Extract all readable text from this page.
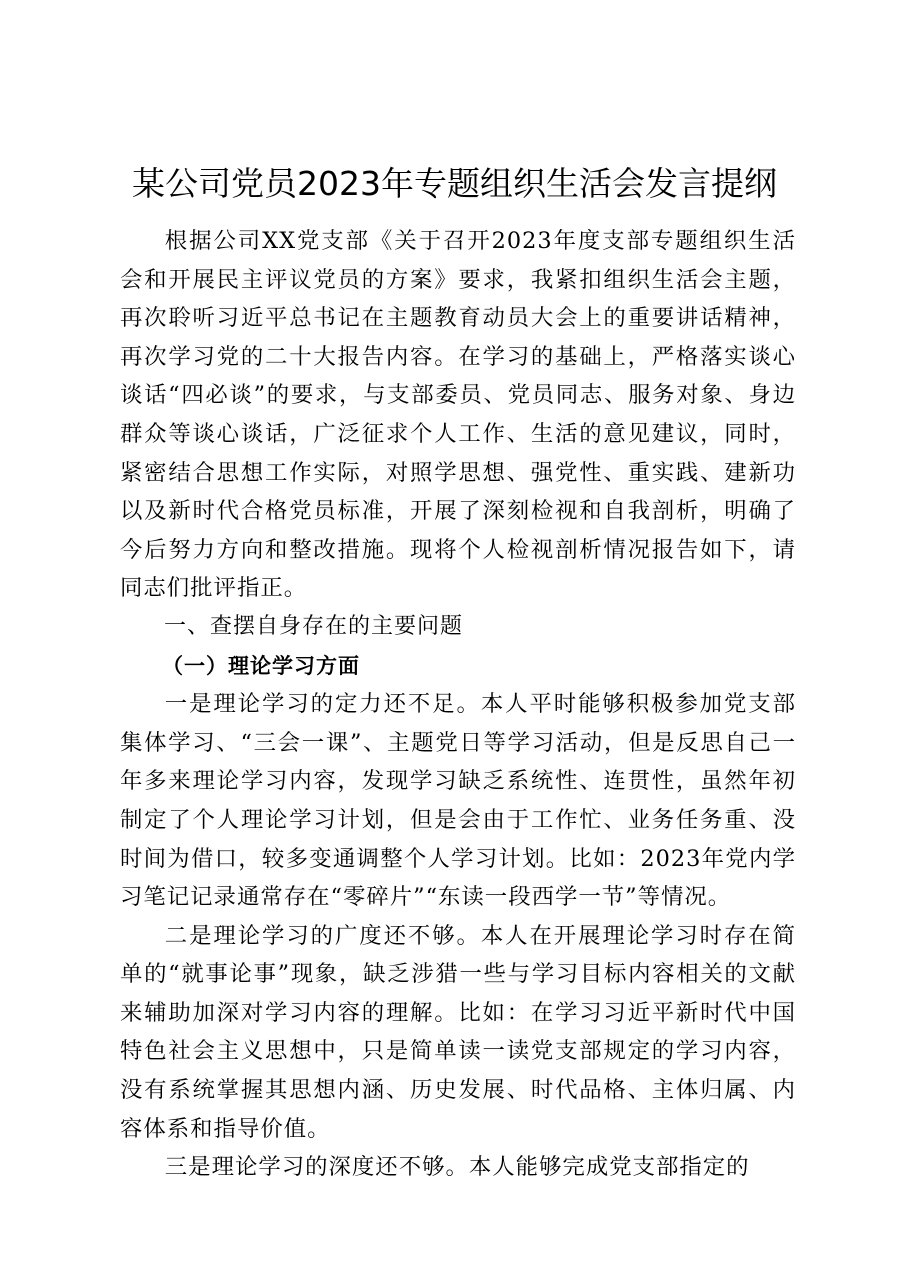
某公司党员2023年专题组织生活会发言提纲

根据公司XX党支部《关于召开2023年度支部专题组织生活会和开展民主评议党员的方案》要求，我紧扣组织生活会主题，再次聆听习近平总书记在主题教育动员大会上的重要讲话精神，再次学习党的二十大报告内容。在学习的基础上，严格落实谈心谈话“四必谈”的要求，与支部委员、党员同志、服务对象、身边群众等谈心谈话，广泛征求个人工作、生活的意见建议，同时，紧密结合思想工作实际，对照学思想、强党性、重实践、建新功以及新时代合格党员标准，开展了深刻检视和自我剖析，明确了今后努力方向和整改措施。现将个人检视剖析情况报告如下，请同志们批评指正。

一、查摆自身存在的主要问题

（一）理论学习方面

一是理论学习的定力还不足。本人平时能够积极参加党支部集体学习、“三会一课”、主题党日等学习活动，但是反思自己一年多来理论学习内容，发现学习缺乏系统性、连贯性，虽然年初制定了个人理论学习计划，但是会由于工作忙、业务任务重、没时间为借口，较多变通调整个人学习计划。比如：2023年党内学习笔记记录通常存在“零碎片”“东读一段西学一节”等情况。

二是理论学习的广度还不够。本人在开展理论学习时存在简单的“就事论事”现象，缺乏涉猎一些与学习目标内容相关的文献来辅助加深对学习内容的理解。比如：在学习习近平新时代中国特色社会主义思想中，只是简单读一读党支部规定的学习内容，没有系统掌握其思想内涵、历史发展、时代品格、主体归属、内容体系和指导价值。

三是理论学习的深度还不够。本人能够完成党支部指定的
